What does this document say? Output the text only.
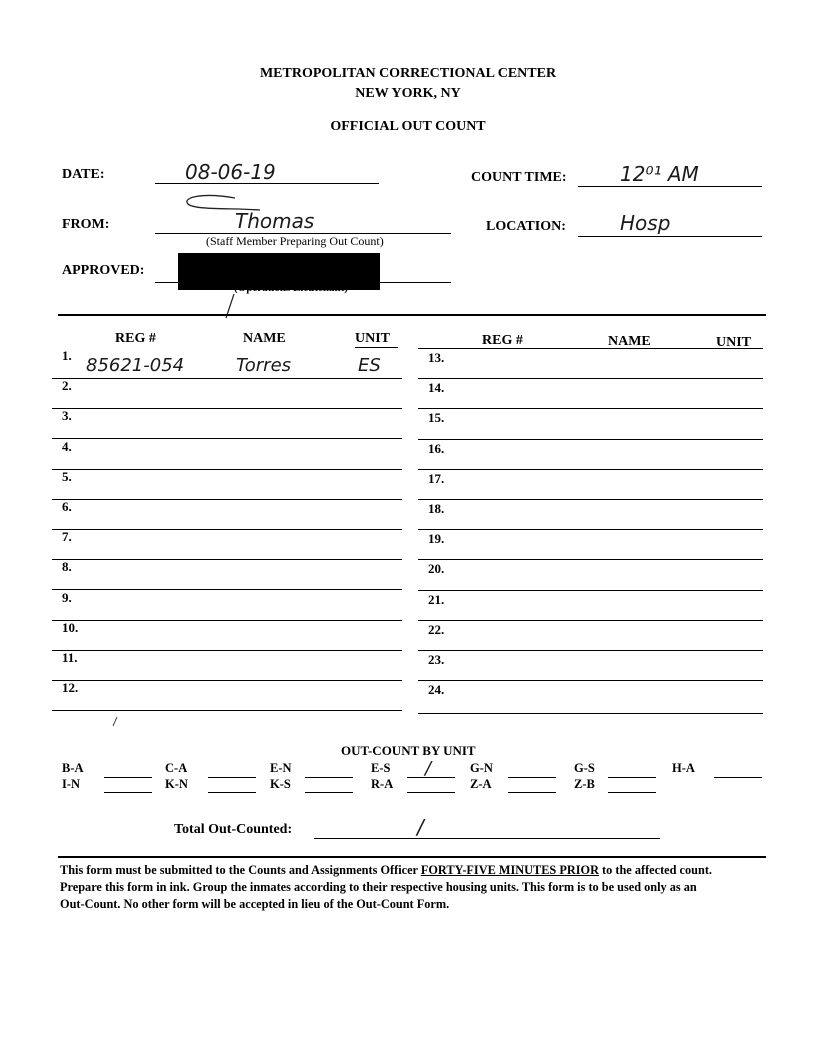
METROPOLITAN CORRECTIONAL CENTER
NEW YORK, NY
OFFICIAL OUT COUNT
DATE:	08-06-19	COUNT TIME:	12⁰¹ AM
FROM:	Thomas
(Staff Member Preparing Out Count)
LOCATION:	Hosp
APPROVED:
REG #	NAME	UNIT	REG #	NAME	UNIT
1. 85621-054	Torres	ES
2.
3.
4.
5.
6.
7.
8.
9.
10.
11.
12.
13.
14.
15.
16.
17.
18.
19.
20.
21.
22.
23.
24.
OUT-COUNT BY UNIT
B-A	C-A	E-N	E-S /	G-N	G-S	H-A
I-N	K-N	K-S	R-A	Z-A	Z-B
Total Out-Counted:	/
This form must be submitted to the Counts and Assignments Officer FORTY-FIVE MINUTES PRIOR to the affected count.
Prepare this form in ink. Group the inmates according to their respective housing units. This form is to be used only as an
Out-Count. No other form will be accepted in lieu of the Out-Count Form.
